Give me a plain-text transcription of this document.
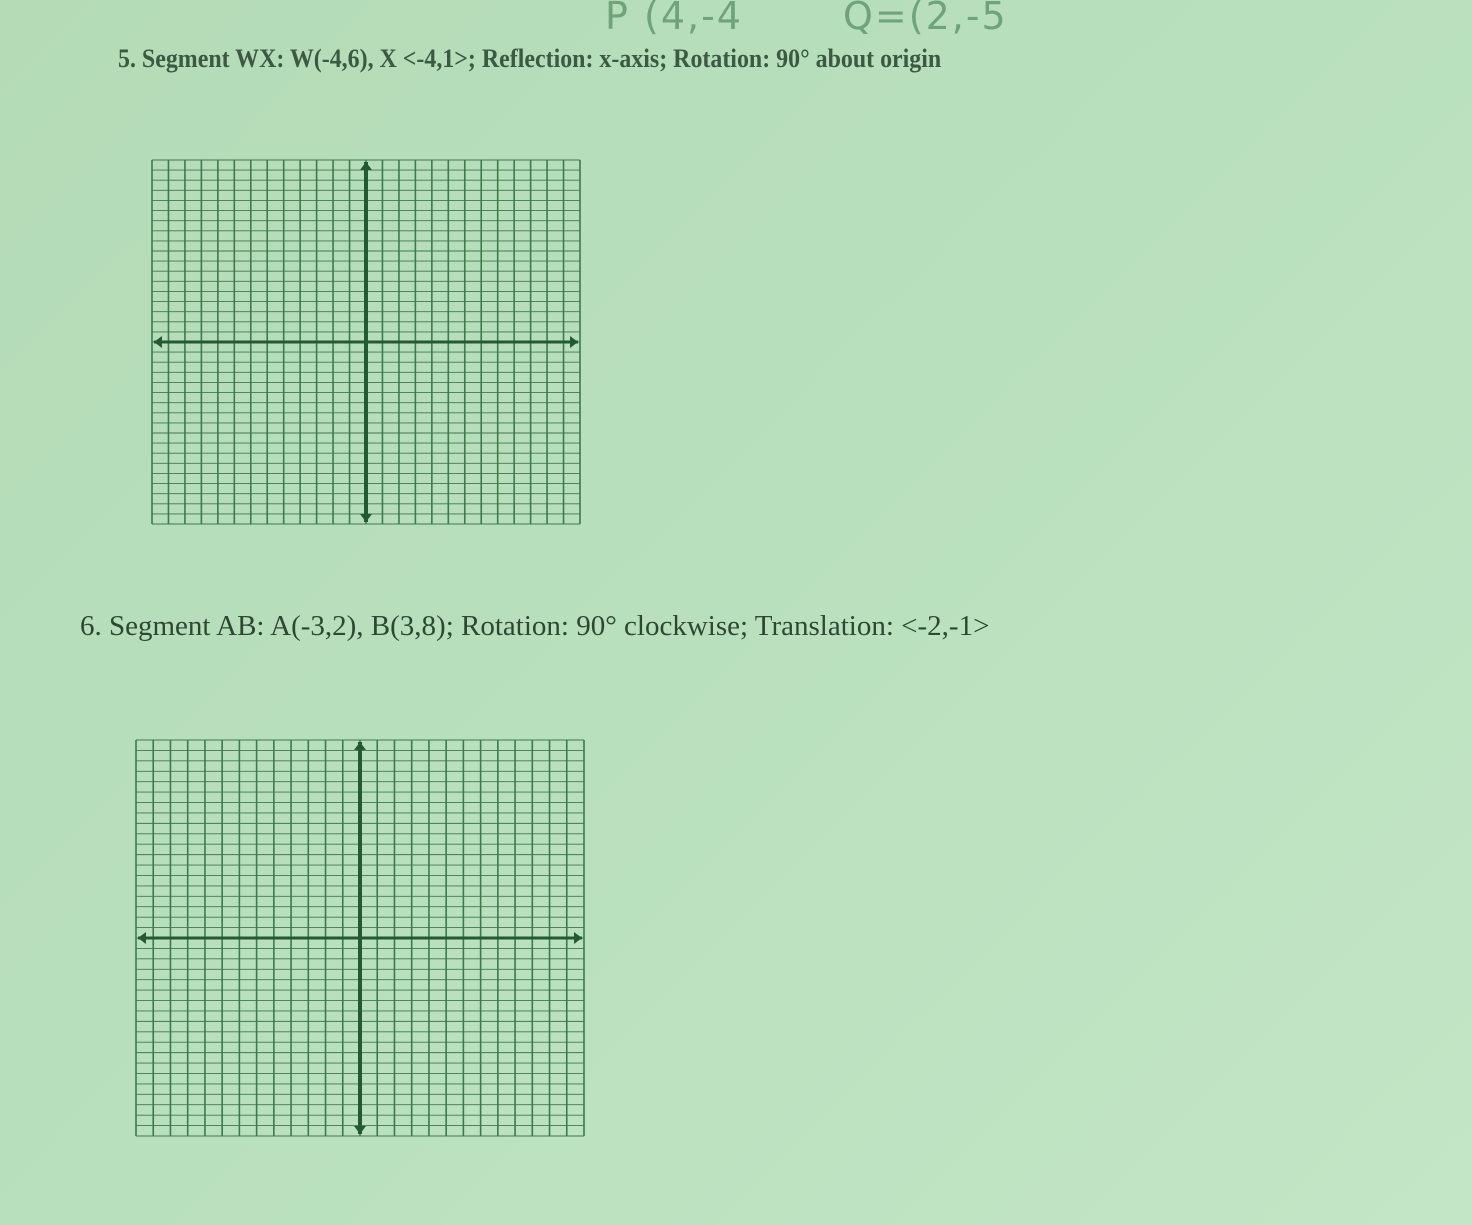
P (4,-4	Q=(2,-5
5. Segment WX: W(-4,6), X <-4,1>; Reflection: x-axis; Rotation: 90° about origin
6. Segment AB: A(-3,2), B(3,8); Rotation: 90° clockwise; Translation: <-2,-1>
